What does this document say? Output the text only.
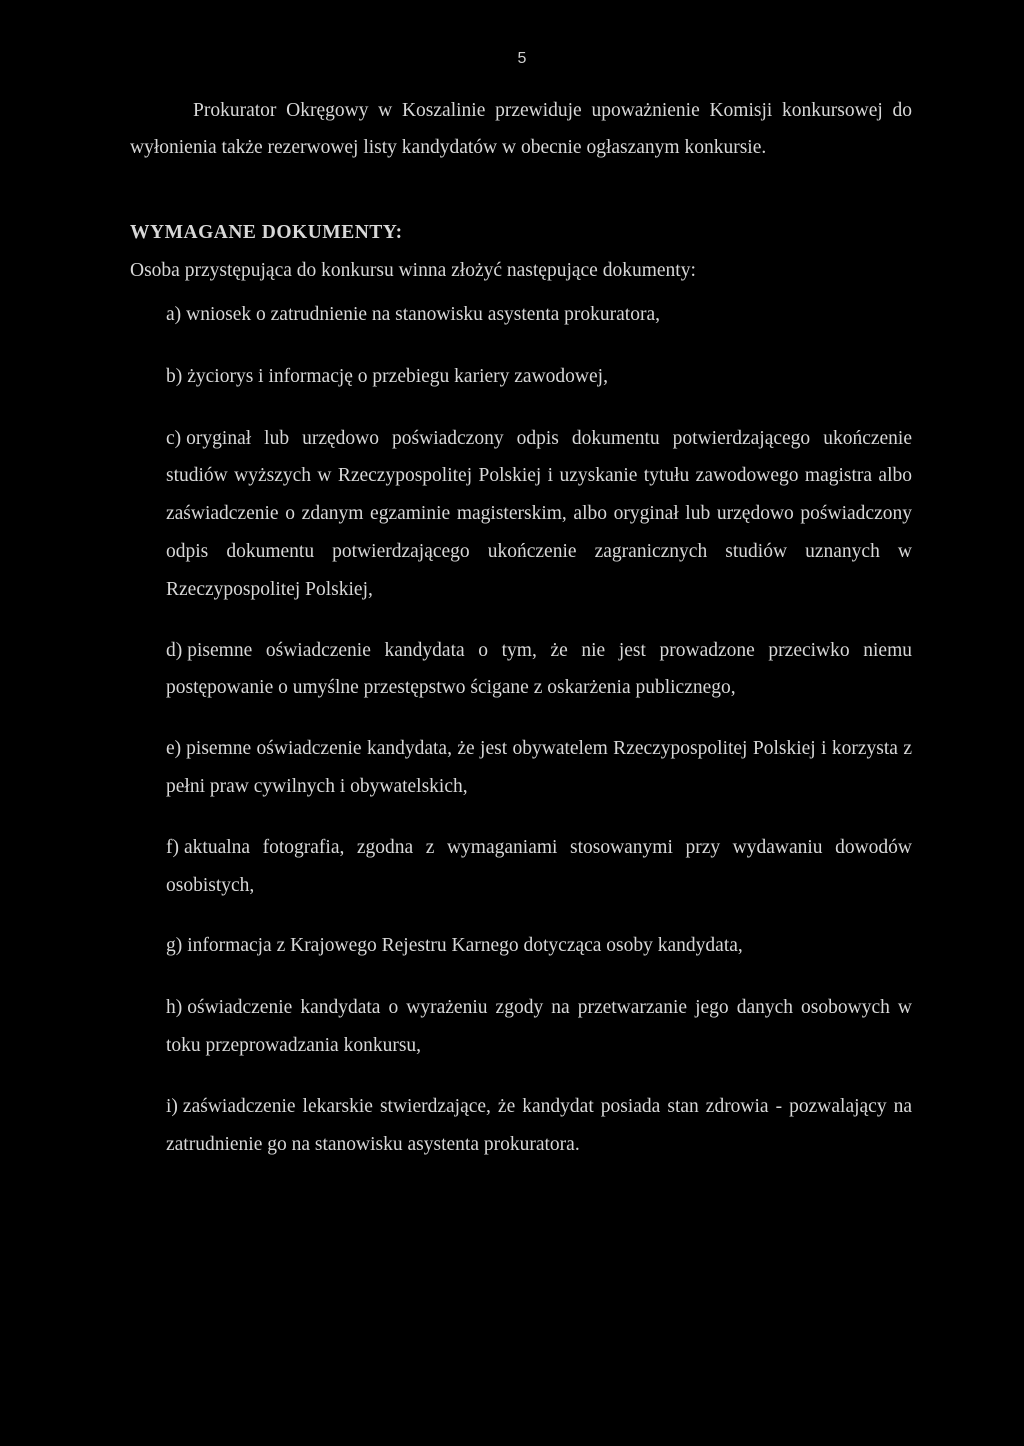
5

Prokurator Okręgowy w Koszalinie przewiduje upoważnienie Komisji konkursowej do wyłonienia także rezerwowej listy kandydatów w obecnie ogłaszanym konkursie.

WYMAGANE DOKUMENTY:
Osoba przystępująca do konkursu winna złożyć następujące dokumenty:
a) wniosek o zatrudnienie na stanowisku asystenta prokuratora,
b) życiorys i informację o przebiegu kariery zawodowej,
c) oryginał lub urzędowo poświadczony odpis dokumentu potwierdzającego ukończenie studiów wyższych w Rzeczypospolitej Polskiej i uzyskanie tytułu zawodowego magistra albo zaświadczenie o zdanym egzaminie magisterskim, albo oryginał lub urzędowo poświadczony odpis dokumentu potwierdzającego ukończenie zagranicznych studiów uznanych w Rzeczypospolitej Polskiej,
d) pisemne oświadczenie kandydata o tym, że nie jest prowadzone przeciwko niemu postępowanie o umyślne przestępstwo ścigane z oskarżenia publicznego,
e) pisemne oświadczenie kandydata, że jest obywatelem Rzeczypospolitej Polskiej i korzysta z pełni praw cywilnych i obywatelskich,
f) aktualna fotografia, zgodna z wymaganiami stosowanymi przy wydawaniu dowodów osobistych,
g) informacja z Krajowego Rejestru Karnego dotycząca osoby kandydata,
h) oświadczenie kandydata o wyrażeniu zgody na przetwarzanie jego danych osobowych w toku przeprowadzania konkursu,
i) zaświadczenie lekarskie stwierdzające, że kandydat posiada stan zdrowia - pozwalający na zatrudnienie go na stanowisku asystenta prokuratora.
